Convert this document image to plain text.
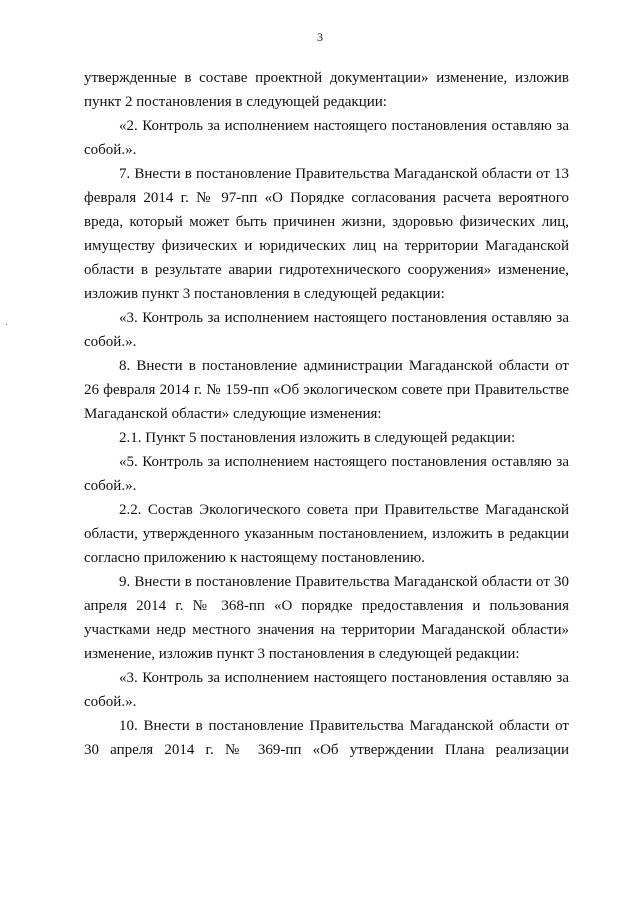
3

утвержденные в составе проектной документации» изменение, изложив пункт 2 постановления в следующей редакции:

«2. Контроль за исполнением настоящего постановления оставляю за собой.».

7. Внести в постановление Правительства Магаданской области от 13 февраля 2014 г. № 97-пп «О Порядке согласования расчета вероятного вреда, который может быть причинен жизни, здоровью физических лиц, имуществу физических и юридических лиц на территории Магаданской области в результате аварии гидротехнического сооружения» изменение, изложив пункт 3 постановления в следующей редакции:

«3. Контроль за исполнением настоящего постановления оставляю за собой.».

8. Внести в постановление администрации Магаданской области от 26 февраля 2014 г. № 159-пп «Об экологическом совете при Правительстве Магаданской области» следующие изменения:

2.1. Пункт 5 постановления изложить в следующей редакции:

«5. Контроль за исполнением настоящего постановления оставляю за собой.».

2.2. Состав Экологического совета при Правительстве Магаданской области, утвержденного указанным постановлением, изложить в редакции согласно приложению к настоящему постановлению.

9. Внести в постановление Правительства Магаданской области от 30 апреля 2014 г. № 368-пп «О порядке предоставления и пользования участками недр местного значения на территории Магаданской области» изменение, изложив пункт 3 постановления в следующей редакции:

«3. Контроль за исполнением настоящего постановления оставляю за собой.».

10. Внести в постановление Правительства Магаданской области от 30 апреля 2014 г. № 369-пп «Об утверждении Плана реализации
